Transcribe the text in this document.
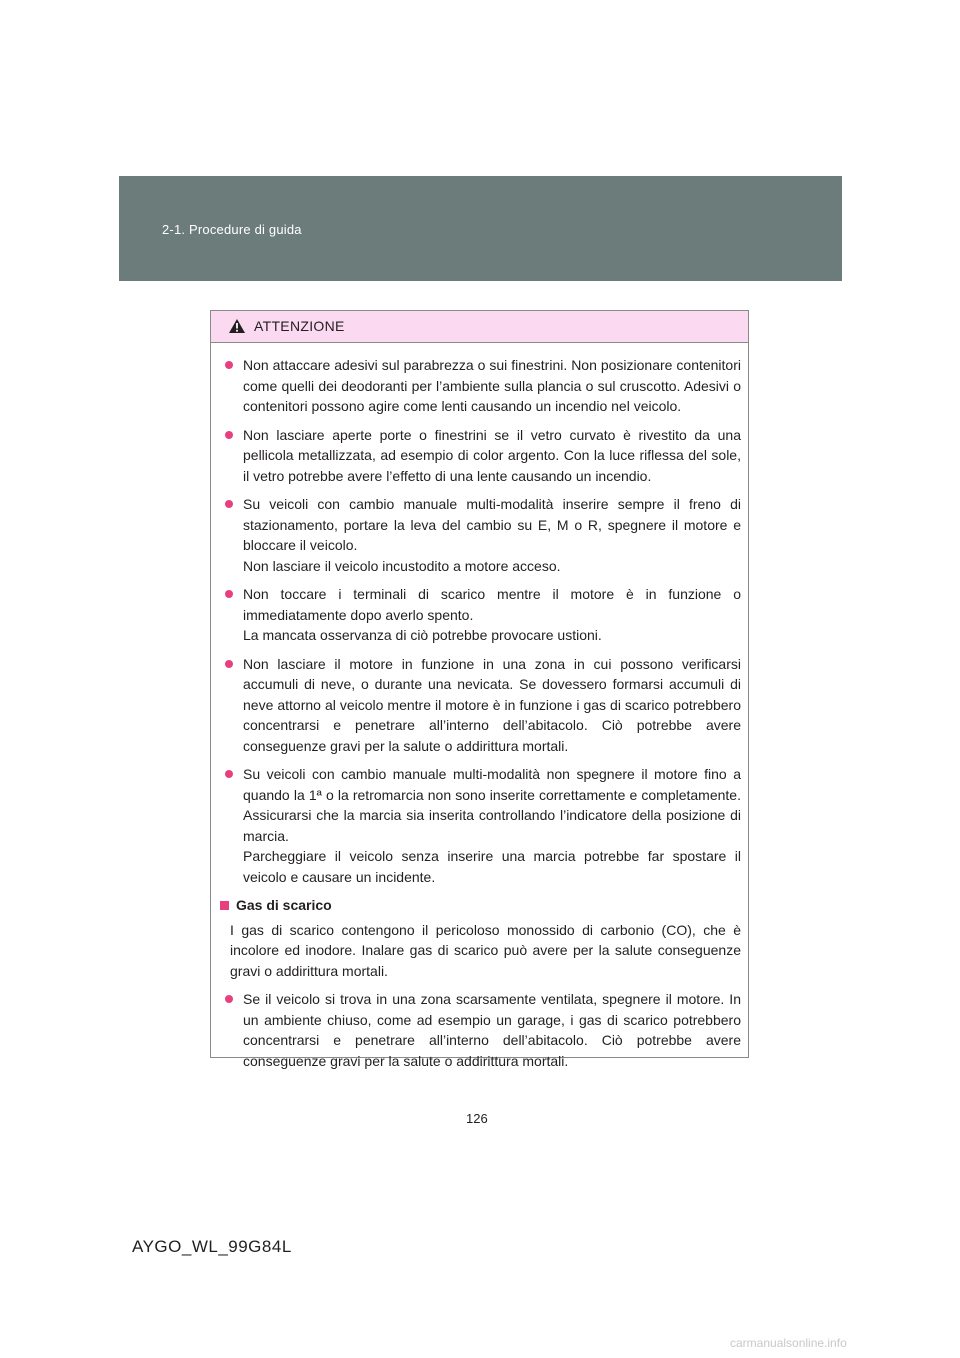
2-1. Procedure di guida
ATTENZIONE
Non attaccare adesivi sul parabrezza o sui finestrini. Non posizionare contenitori come quelli dei deodoranti per l’ambiente sulla plancia o sul cruscotto. Adesivi o contenitori possono agire come lenti causando un incendio nel veicolo.
Non lasciare aperte porte o finestrini se il vetro curvato è rivestito da una pellicola metallizzata, ad esempio di color argento. Con la luce riflessa del sole, il vetro potrebbe avere l’effetto di una lente causando un incendio.
Su veicoli con cambio manuale multi-modalità inserire sempre il freno di stazionamento, portare la leva del cambio su E, M o R, spegnere il motore e bloccare il veicolo.
Non lasciare il veicolo incustodito a motore acceso.
Non toccare i terminali di scarico mentre il motore è in funzione o immediatamente dopo averlo spento.
La mancata osservanza di ciò potrebbe provocare ustioni.
Non lasciare il motore in funzione in una zona in cui possono verificarsi accumuli di neve, o durante una nevicata. Se dovessero formarsi accumuli di neve attorno al veicolo mentre il motore è in funzione i gas di scarico potrebbero concentrarsi e penetrare all’interno dell’abitacolo. Ciò potrebbe avere conseguenze gravi per la salute o addirittura mortali.
Su veicoli con cambio manuale multi-modalità non spegnere il motore fino a quando la 1ª o la retromarcia non sono inserite correttamente e completamente. Assicurarsi che la marcia sia inserita controllando l’indicatore della posizione di marcia.
Parcheggiare il veicolo senza inserire una marcia potrebbe far spostare il veicolo e causare un incidente.
Gas di scarico
I gas di scarico contengono il pericoloso monossido di carbonio (CO), che è incolore ed inodore. Inalare gas di scarico può avere per la salute conseguenze gravi o addirittura mortali.
Se il veicolo si trova in una zona scarsamente ventilata, spegnere il motore. In un ambiente chiuso, come ad esempio un garage, i gas di scarico potrebbero concentrarsi e penetrare all’interno dell’abitacolo. Ciò potrebbe avere conseguenze gravi per la salute o addirittura mortali.
126
AYGO_WL_99G84L
carmanualsonline.info
